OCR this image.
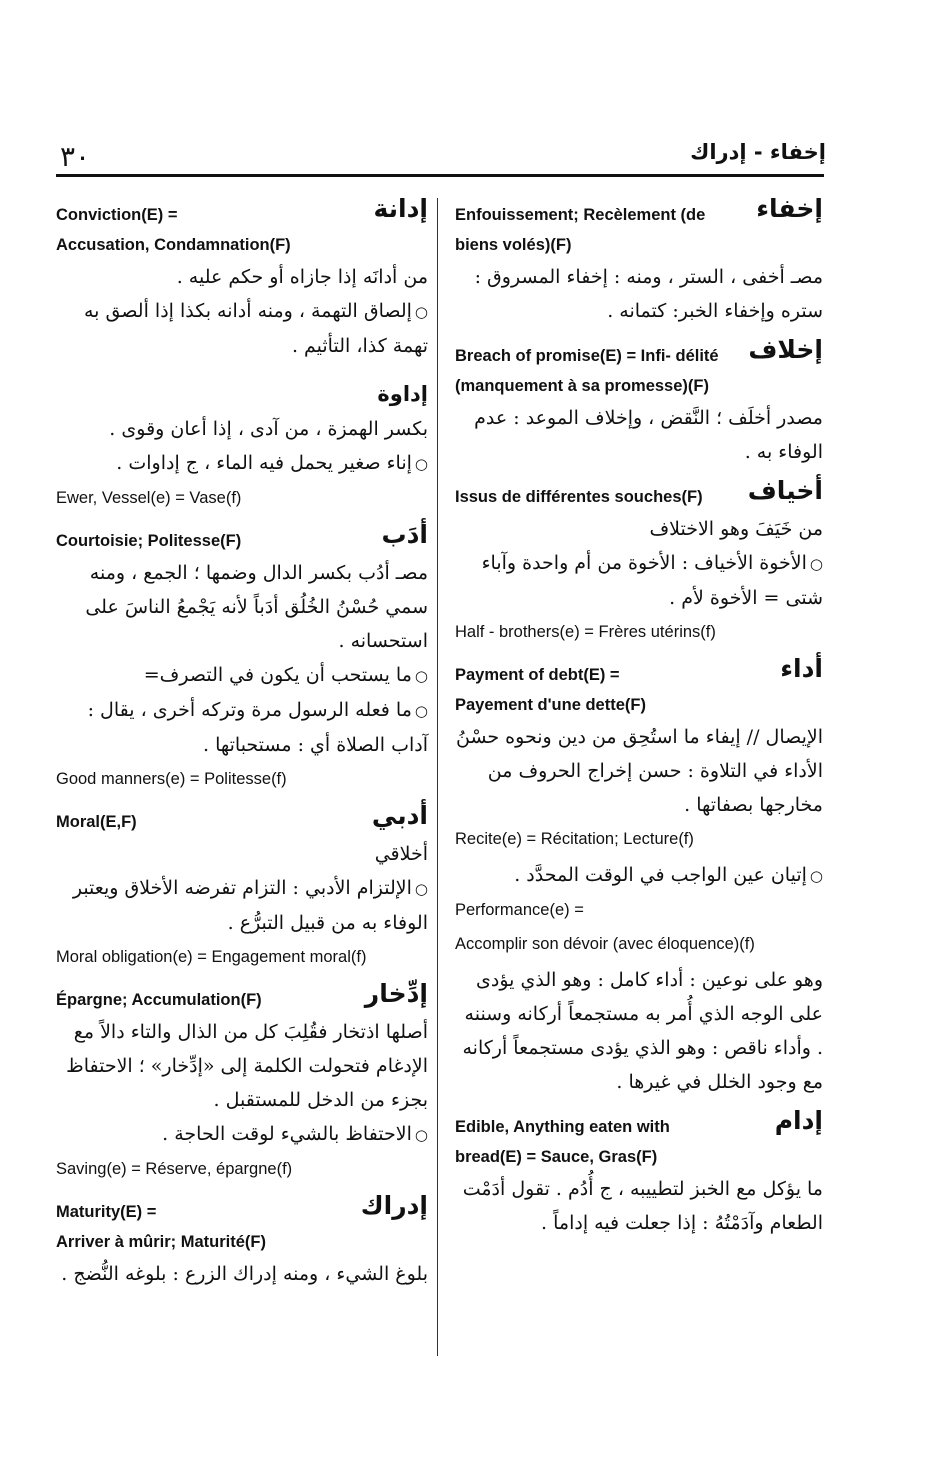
٣٠	إخفاء - إدراك
إدانة
Conviction(E) =
Accusation, Condamnation(F)
من أدانَه إذا جازاه أو حكم عليه .
○إلصاق التهمة ، ومنه أدانه بكذا إذا ألصق به تهمة كذا، التأثيم .
إداوة
بكسر الهمزة ، من آدى ، إذا أعان وقوى .
○إناء صغير يحمل فيه الماء ، ج إداوات .
Ewer, Vessel(e) = Vase(f)
أدَب
Courtoisie; Politesse(F)
مصـ أدُب بكسر الدال وضمها ؛ الجمع ، ومنه سمي حُسْنُ الخُلُق أدَباً لأنه يَجْمعُ الناسَ على استحسانه .
○ما يستحب أن يكون في التصرف=
○ما فعله الرسول مرة وتركه أخرى ، يقال : آداب الصلاة أي : مستحباتها .
Good manners(e) = Politesse(f)
أدبي
Moral(E,F)
أخلاقي
○الإلتزام الأدبي : التزام تفرضه الأخلاق ويعتبر الوفاء به من قبيل التبرُّع .
Moral obligation(e) = Engagement moral(f)
إدِّخار
Épargne; Accumulation(F)
أصلها اذتخار فقُلِبَ كل من الذال والتاء دالاً مع الإدغام فتحولت الكلمة إلى «إدِّخار» ؛ الاحتفاظ بجزء من الدخل للمستقبل .
○الاحتفاظ بالشيء لوقت الحاجة .
Saving(e) = Réserve, épargne(f)
إدراك
Maturity(E) =
Arriver à mûrir; Maturité(F)
بلوغ الشيء ، ومنه إدراك الزرع : بلوغه النُّضج .
إخفاء
Enfouissement; Recèlement (de biens volés)(F)
مصـ أخفى ، الستر ، ومنه : إخفاء المسروق : ستره وإخفاء الخبر: كتمانه .
إخلاف
Breach of promise(E) = Infi- délité (manquement à sa promesse)(F)
مصدر أخلَف ؛ النَّقض ، وإخلاف الموعد : عدم الوفاء به .
أخياف
Issus de différentes souches(F)
من خَيَفَ وهو الاختلاف
○الأخوة الأخياف : الأخوة من أم واحدة وآباء شتى = الأخوة لأم .
Half - brothers(e) = Frères utérins(f)
أداء
Payment of debt(E) =
Payement d'une dette(F)
الإيصال // إيفاء ما استُحِق من دين ونحوه حسْنُ الأداء في التلاوة : حسن إخراج الحروف من مخارجها بصفاتها .
Recite(e) = Récitation; Lecture(f)
○إتيان عين الواجب في الوقت المحدَّد .
Performance(e) =
Accomplir son dévoir (avec éloquence)(f)
وهو على نوعين : أداء كامل : وهو الذي يؤدى على الوجه الذي أُمر به مستجمعاً أركانه وسننه . وأداء ناقص : وهو الذي يؤدى مستجمعاً أركانه مع وجود الخلل في غيرها .
إدام
Edible, Anything eaten with bread(E) = Sauce, Gras(F)
ما يؤكل مع الخبز لتطييبه ، ج أُدُم . تقول أدَمْت الطعام وآدَمْتُهُ : إذا جعلت فيه إداماً .
